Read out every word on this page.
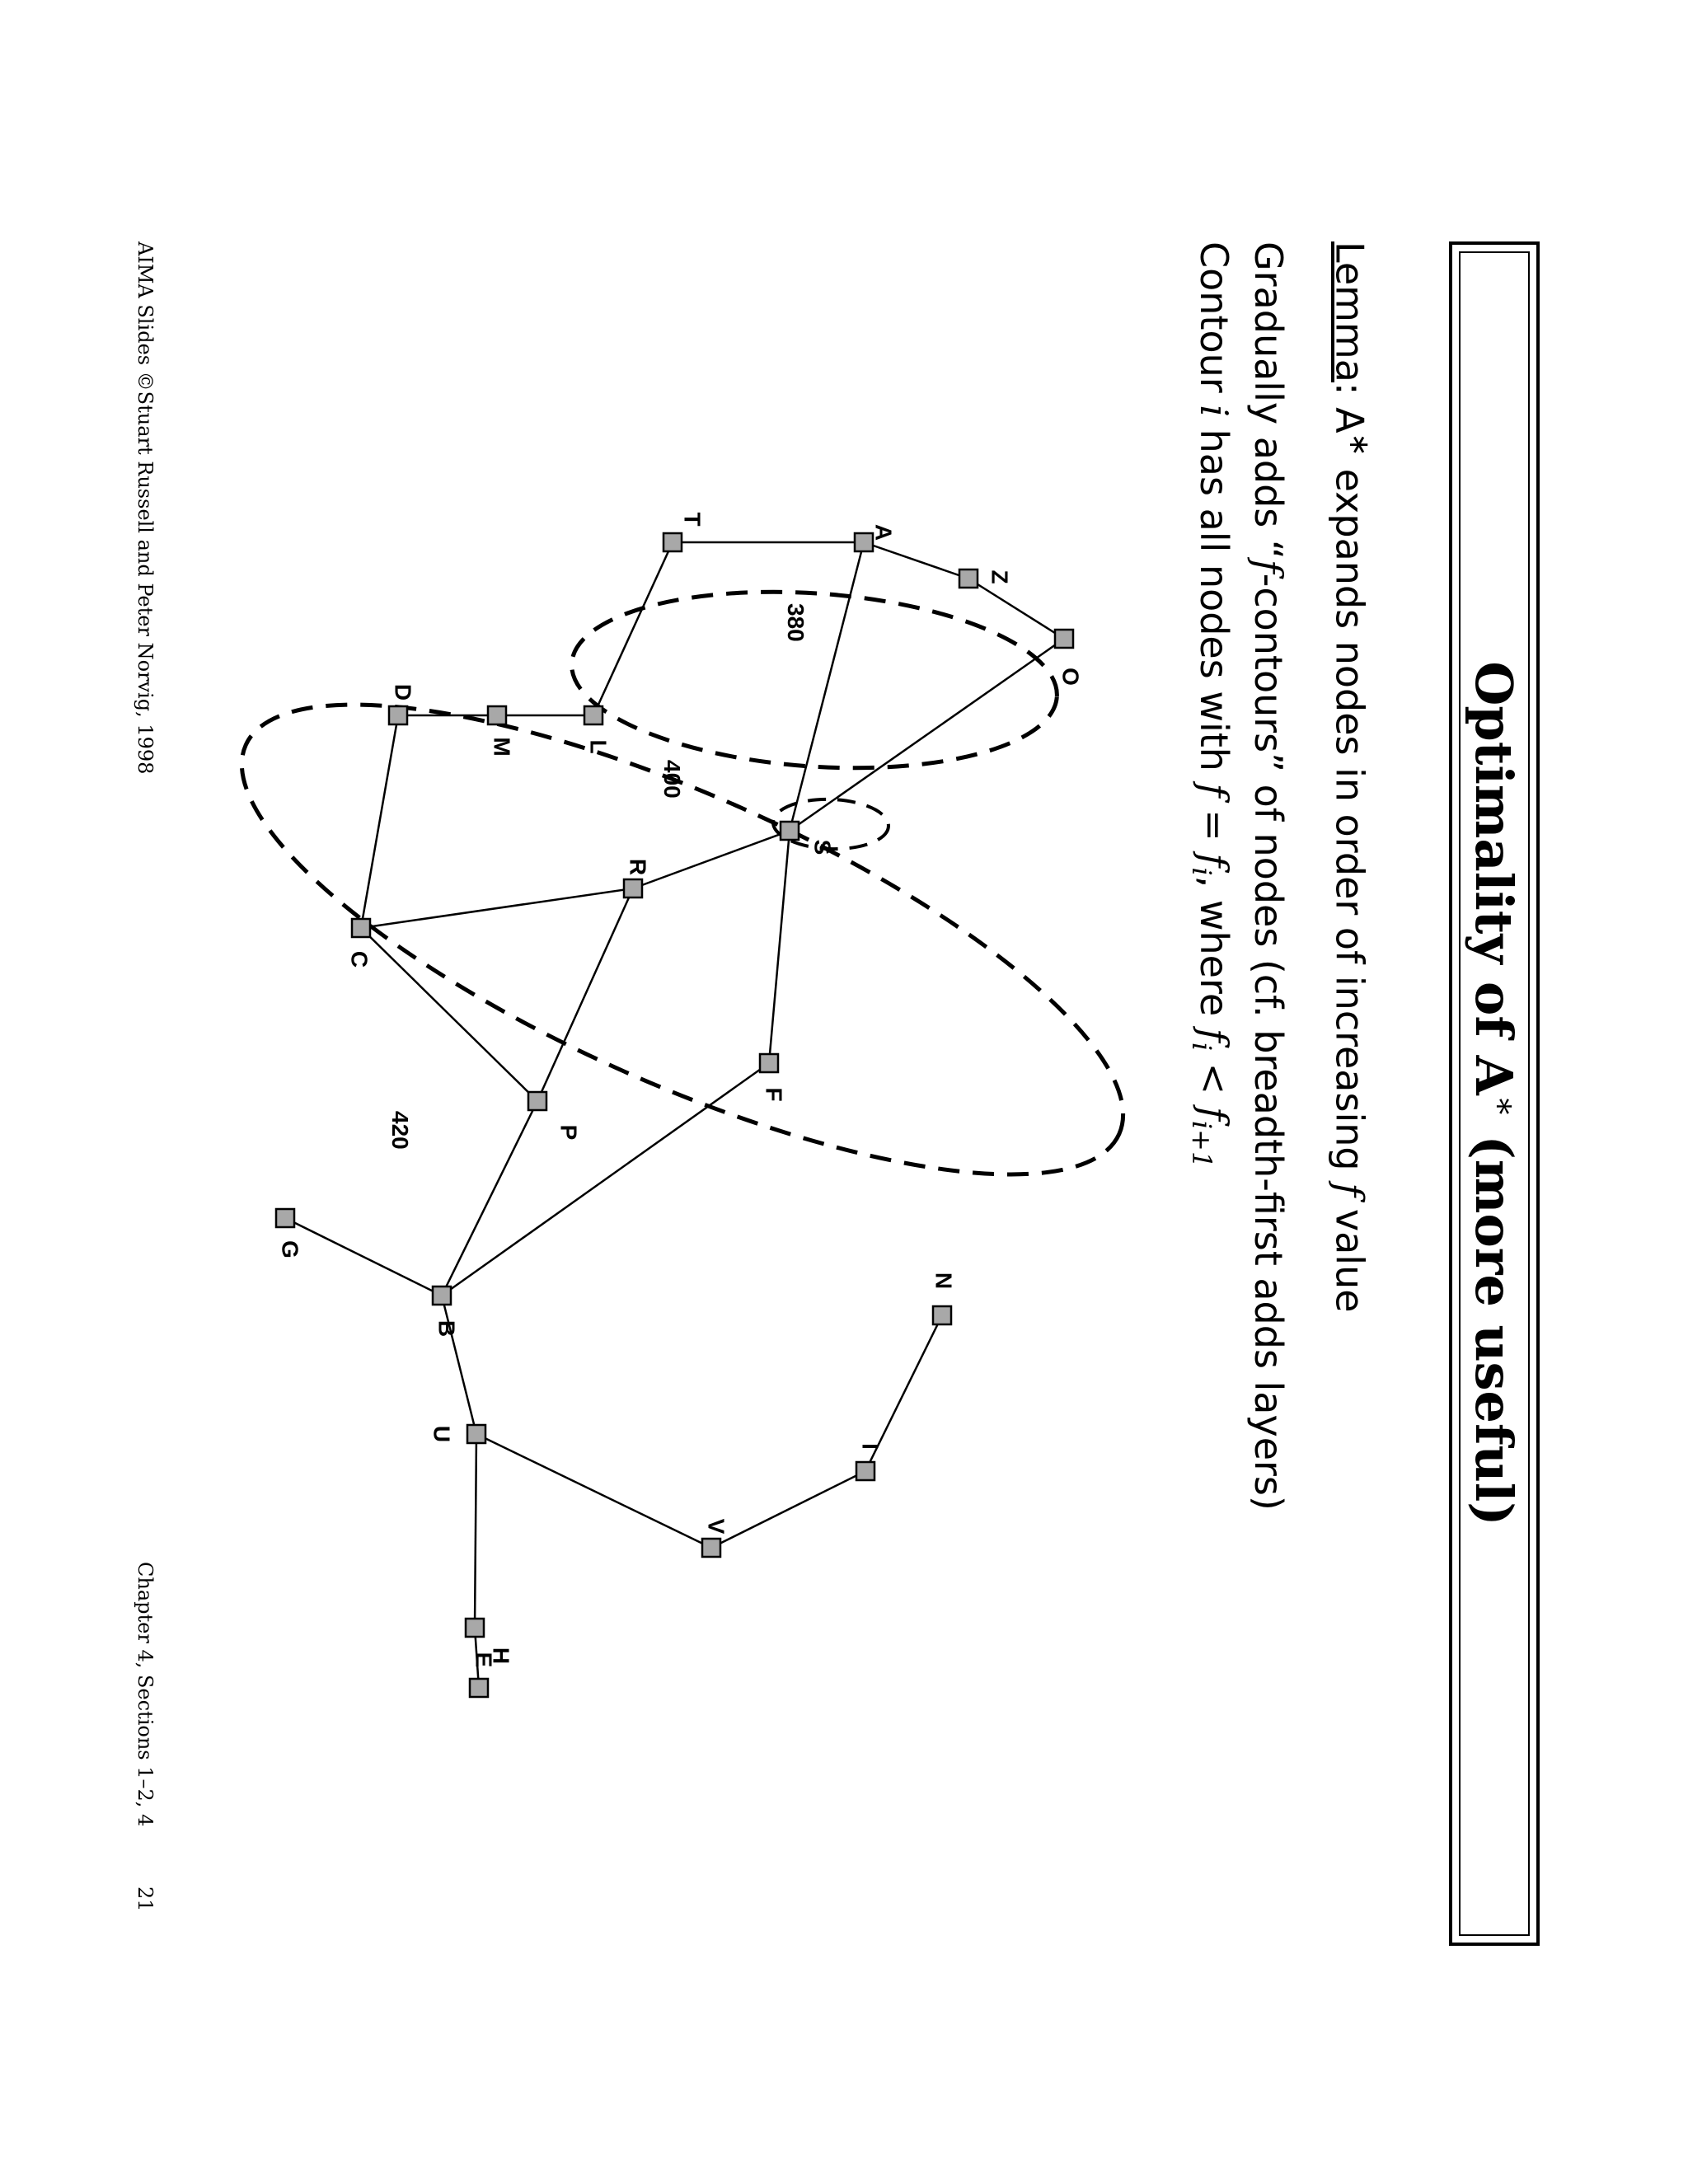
Optimality of A∗ (more useful)
Lemma: A∗ expands nodes in order of increasing f value
Gradually adds “f-contours” of nodes (cf. breadth-first adds layers)
Contour i has all nodes with $f = f_i$, where $f_i < f_{i+1}$
A
Z
O
T
L
M
D
S
R
C
F
P
G
B
U
N
I
V
H
E
380
400
420
AIMA Slides ©Stuart Russell and Peter Norvig, 1998
Chapter 4, Sections 1–2, 4
21
